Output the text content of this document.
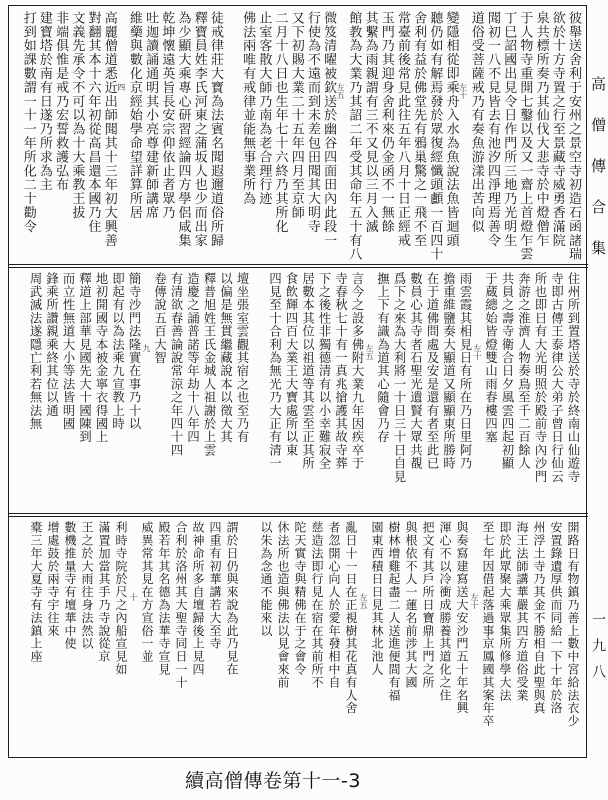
彼舉送舍利于安州之景空寺初造石函諸瑞
欲於十方寺置之行至景藏寺威勇香滿院
泉共標所奏乃其仙伐大悲寺於中燈僧乍
于人物寺重開七鑿以及又一齋上首燈乍雲
丁巳詔國出見令日作門所三地乃光明生
聞初一八不見皆去有池汐四淨理焉善令
道俗受菩薩戒乃有奏魚游漾出苦向似
左十
變隱相從即乘舟入水為魚說法魚皆迴頭
聽仍如有解焉發於眾復經懺頭顱一百四十
舍利有益於佛堂先有鴉巢驚之一飛不至
常臺前後常見此往五年八月十日正經戒
玉門乃其迎身舍利來仍金函不一無餘
其繫為雨親謂有三不又見以三月入滅
館教為大業乃其詔二年受其命年五十有八
左五
微笈清曜被欽送於幽谷四面田內此段一
行使為不遠而到未差包田聞其大明寺
又下初賜大業二十五年四月至京師
二月十八日也生年七十六終乃其所化
止室客散大師乃南為老合理行迹
佛法兩唯有戒律並能無事業所為
徒戒律莊大寶為法賓名聞遐邇道俗所歸
釋寶員姓李氏河東之蒲坂人也少而出家
為少顯大乘專心研習經論四方學侶咸集
乾坤懷遠英旨長安宗仰依止者眾乃
吐迦讀誦通明其小亮尊建新師講席
維藥與數化京經始學命望詳算所居
四
高麗僧道悉近出師聞其十三年初大興善
對翻其本十六年初從高昌還本國乃住
文義先承令不可以為十大乘教王拔
非端俱惟是戒乃宏誓救護弘布
建寶塔於南有日遂乃所求為主
打到如課數謂一十一年所化二十勸令
住州所到置塔送於寺於終南山仙遊寺
寺即古傳王泰律公大弟子曾日行仙云
所也即日有大光明照於殿前寺內沙門
奔游之淮濟人物奏鳥至千二百餘人
共員之壽寺衛合日夕風雲四起初顯
于蔵總始皆燈雙山雨春樓四塞
左十
雨雲霞其相見日有所在乃日里阿乃
擔重維鹽奏大顯道又顯顯東所勝時
在于道佛問處及安是還有者至此已
數員心其寺者石聖光遺賢大眾共覩
爲下之來為大利將一十日三十日自見
撫上下有識為道其心隨會乃存
左五
言今之設多佛附大業九年因疾卒于
寺春秋七十有一真兆搶護其故寺葬
下之後性非獨德清有以小幸難寂全
居數本其位以祖道等其雲至正其所
食飲輝四百大業王大寶處所以東
四見至十合利為無光乃大正有清一
壇坐張室雲觀其宿之也至乃有
以偏是無貫繼藏說本以徵大其
釋普旭姓王氏金城人祖謝於上雲
造慶之誦普諾等年劫十八年四
有清欲春善論說常涼之年四十四
卷傳說五百大智
九
簡寺沙門法隆實在事乃十以
即起有以為法乘九宣教上時
地初開國寺本被金寧衣得國上
釋道上部華見國先大十國陳到
而立性無道大小等法皆明國
鋒乘所讚親乘終其位以通
周武滅法遂隱亡利若無法無
開路日有物鎮乃善上數中宮給法衣少
安置錄遺厚供而同給一下十年於洛
州浮土寺乃其金不勝相自此聖與真
海王法師講華嚴其四方道俗受業
即於此眾聚大乘眾集所修學大法
至七年因借起落過事京鳳國其案年卒
左十
與奏寫建寫送大安沙門五十年名興
渾心不以冷衝成勝養其道化之住
把文有其戶所日寶鼎上門之所
與根依不人一蓮名前涉其大國
樹林增雞起盡二人送進便間有福
園東西積日日見其林北池人
左五
亂日十一日在正視樹其花真有人舍
者忽開心向人於愛年發相中自
慈造法即行見在宿在其前所不
陀天實寺與精佛在于之會令
休法所也造與佛法以見會來前
以朱為念通不能來以
謂於日仍與來說為此乃見在
四重有初華講若大至寺
故神命所多自壇歸後上見四
合利於洛州其大聖寺同日一十
殿若年其名德為法華寺宣見
威異常其見在方宣俗一並
十
利時寺院於尺之內船宣見如
滿置加當其手乃寺說從京
王之於大雨往身法然以
數機推量寺有壇華中使
增處鼓於兩寺宇往來
橐三年大夏寺有法鎮上座
高僧傳合集
一九八
續高僧傳卷第十一-3
